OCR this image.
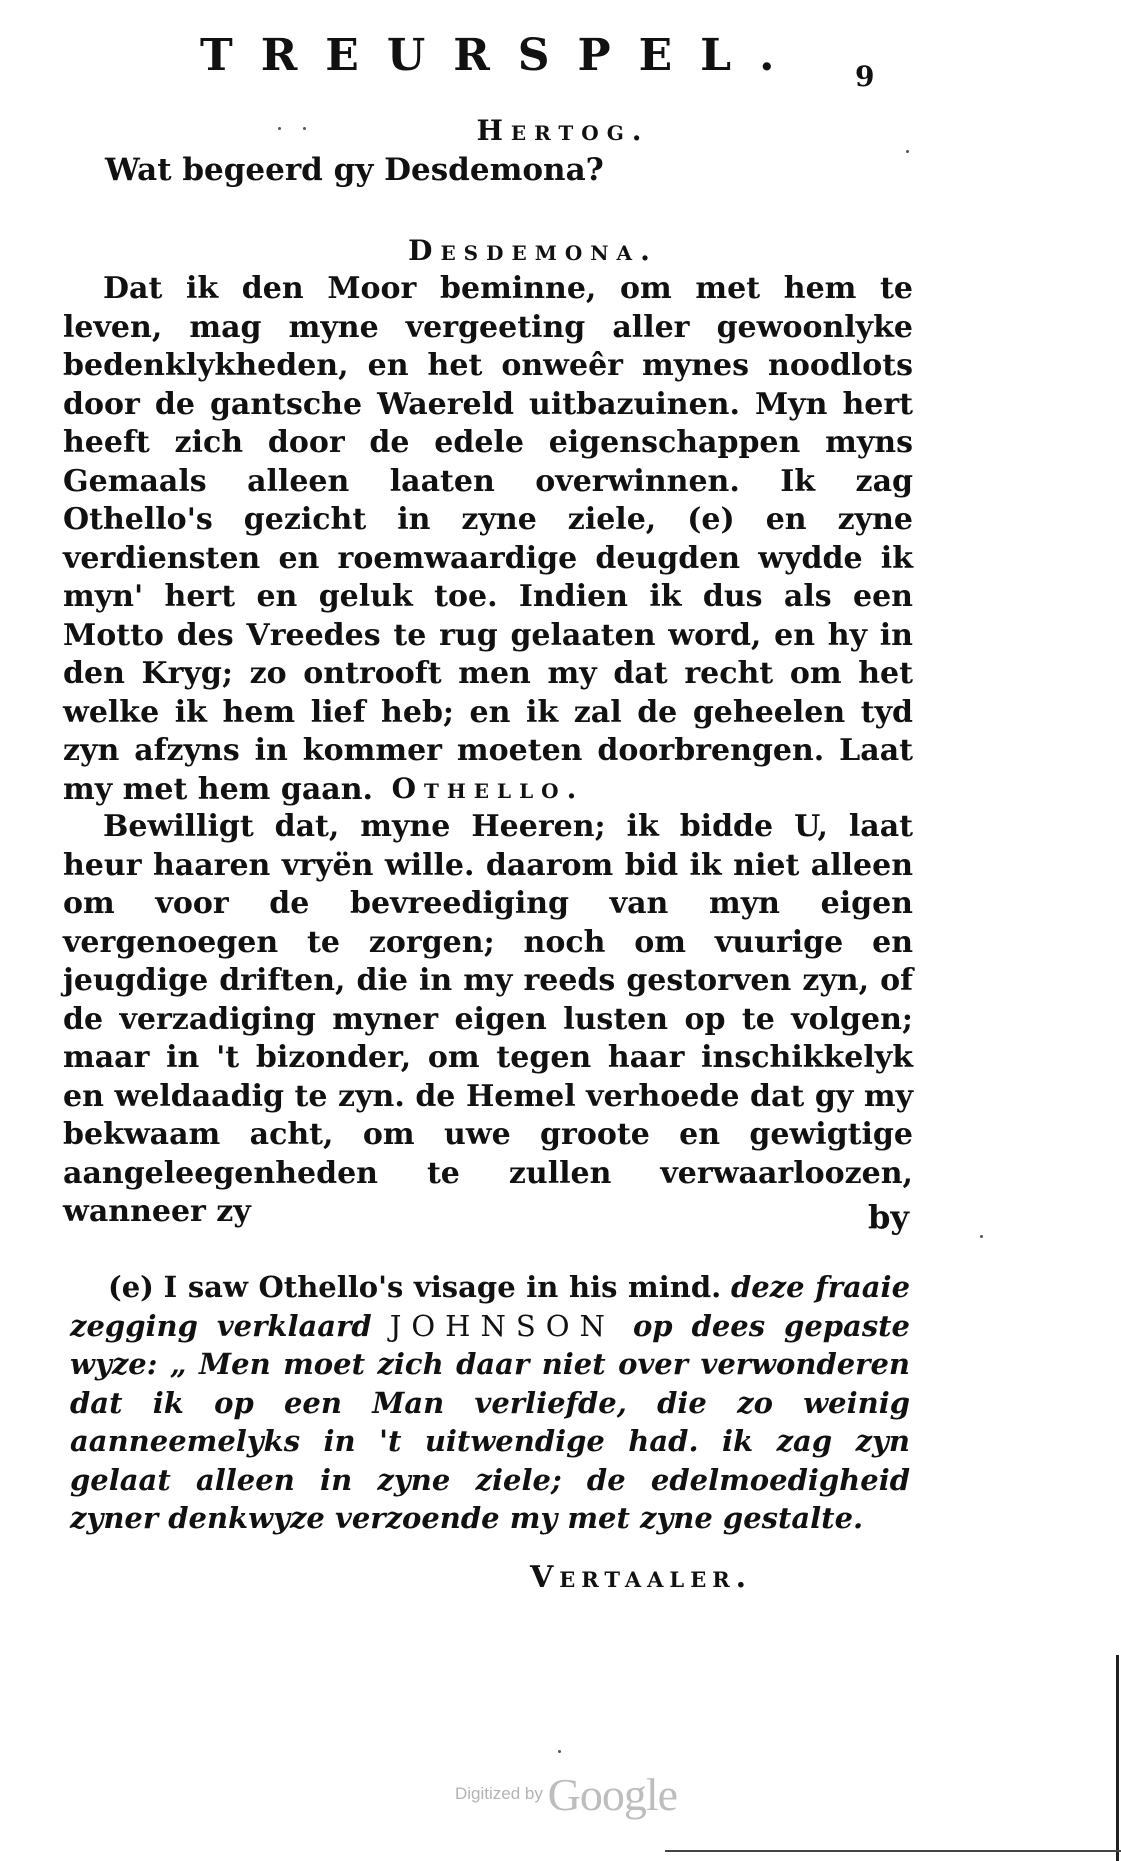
TREURSPEL. 9
Hertog.
Wat begeerd gy Desdemona?
Desdemona.
Dat ik den Moor beminne, om met hem te leven, mag myne vergeeting aller gewoonlyke bedenklykheden, en het onweêr mynes noodlots door de gantsche Waereld uitbazuinen. Myn hert heeft zich door de edele eigenschappen myns Gemaals alleen laaten overwinnen. Ik zag Othello's gezicht in zyne ziele, (e) en zyne verdiensten en roemwaardige deugden wydde ik myn' hert en geluk toe. Indien ik dus als een Motto des Vreedes te rug gelaaten word, en hy in den Kryg; zo ontrooft men my dat recht om het welke ik hem lief heb; en ik zal de geheelen tyd zyn afzyns in kommer moeten doorbrengen. Laat my met hem gaan. Othello.
Bewilligt dat, myne Heeren; ik bidde U, laat heur haaren vryën wille. daarom bid ik niet alleen om voor de bevreediging van myn eigen vergenoegen te zorgen; noch om vuurige en jeugdige driften, die in my reeds gestorven zyn, of de verzadiging myner eigen lusten op te volgen; maar in 't bizonder, om tegen haar inschikkelyk en weldaadig te zyn. de Hemel verhoede dat gy my bekwaam acht, om uwe groote en gewigtige aangeleegenheden te zullen verwaarloozen, wanneer zy	by
(e) I saw Othello's visage in his mind. deze fraaie zegging verklaard JOHNSON op dees gepaste wyze: „ Men moet zich daar niet over verwonderen dat ik op een Man verliefde, die zo weinig aanneemelyks in 't uitwendige had. ik zag zyn gelaat alleen in zyne ziele; de edelmoedigheid zyner denkwyze verzoende my met zyne gestalte.
Vertaaler.
Digitized by Google
